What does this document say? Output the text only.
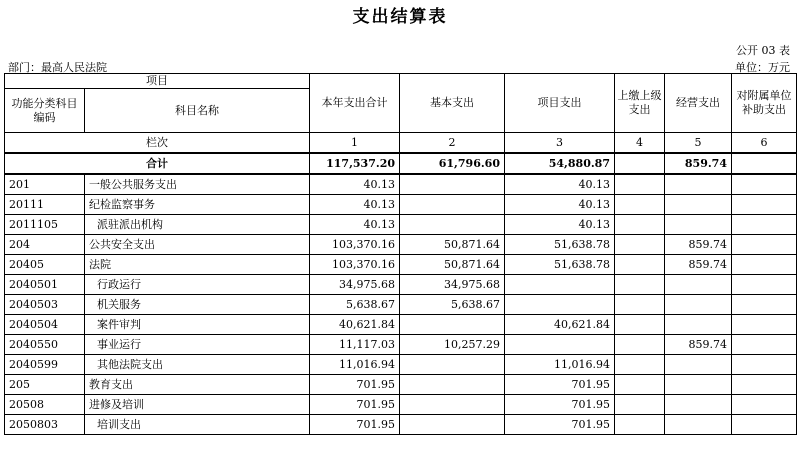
支出结算表
公开 03 表
部门：最高人民法院	单位：万元
项目		本年支出合计	基本支出	项目支出	上缴上级支出	经营支出	对附属单位补助支出
功能分类科目编码	科目名称						
栏次		1	2	3	4	5	6
合计		117,537.20	61,796.60	54,880.87		859.74	
201	一般公共服务支出	40.13		40.13			
20111	纪检监察事务	40.13		40.13			
2011105	派驻派出机构	40.13		40.13			
204	公共安全支出	103,370.16	50,871.64	51,638.78		859.74	
20405	法院	103,370.16	50,871.64	51,638.78		859.74	
2040501	行政运行	34,975.68	34,975.68				
2040503	机关服务	5,638.67	5,638.67				
2040504	案件审判	40,621.84		40,621.84			
2040550	事业运行	11,117.03	10,257.29			859.74	
2040599	其他法院支出	11,016.94		11,016.94			
205	教育支出	701.95		701.95			
20508	进修及培训	701.95		701.95			
2050803	培训支出	701.95		701.95			
